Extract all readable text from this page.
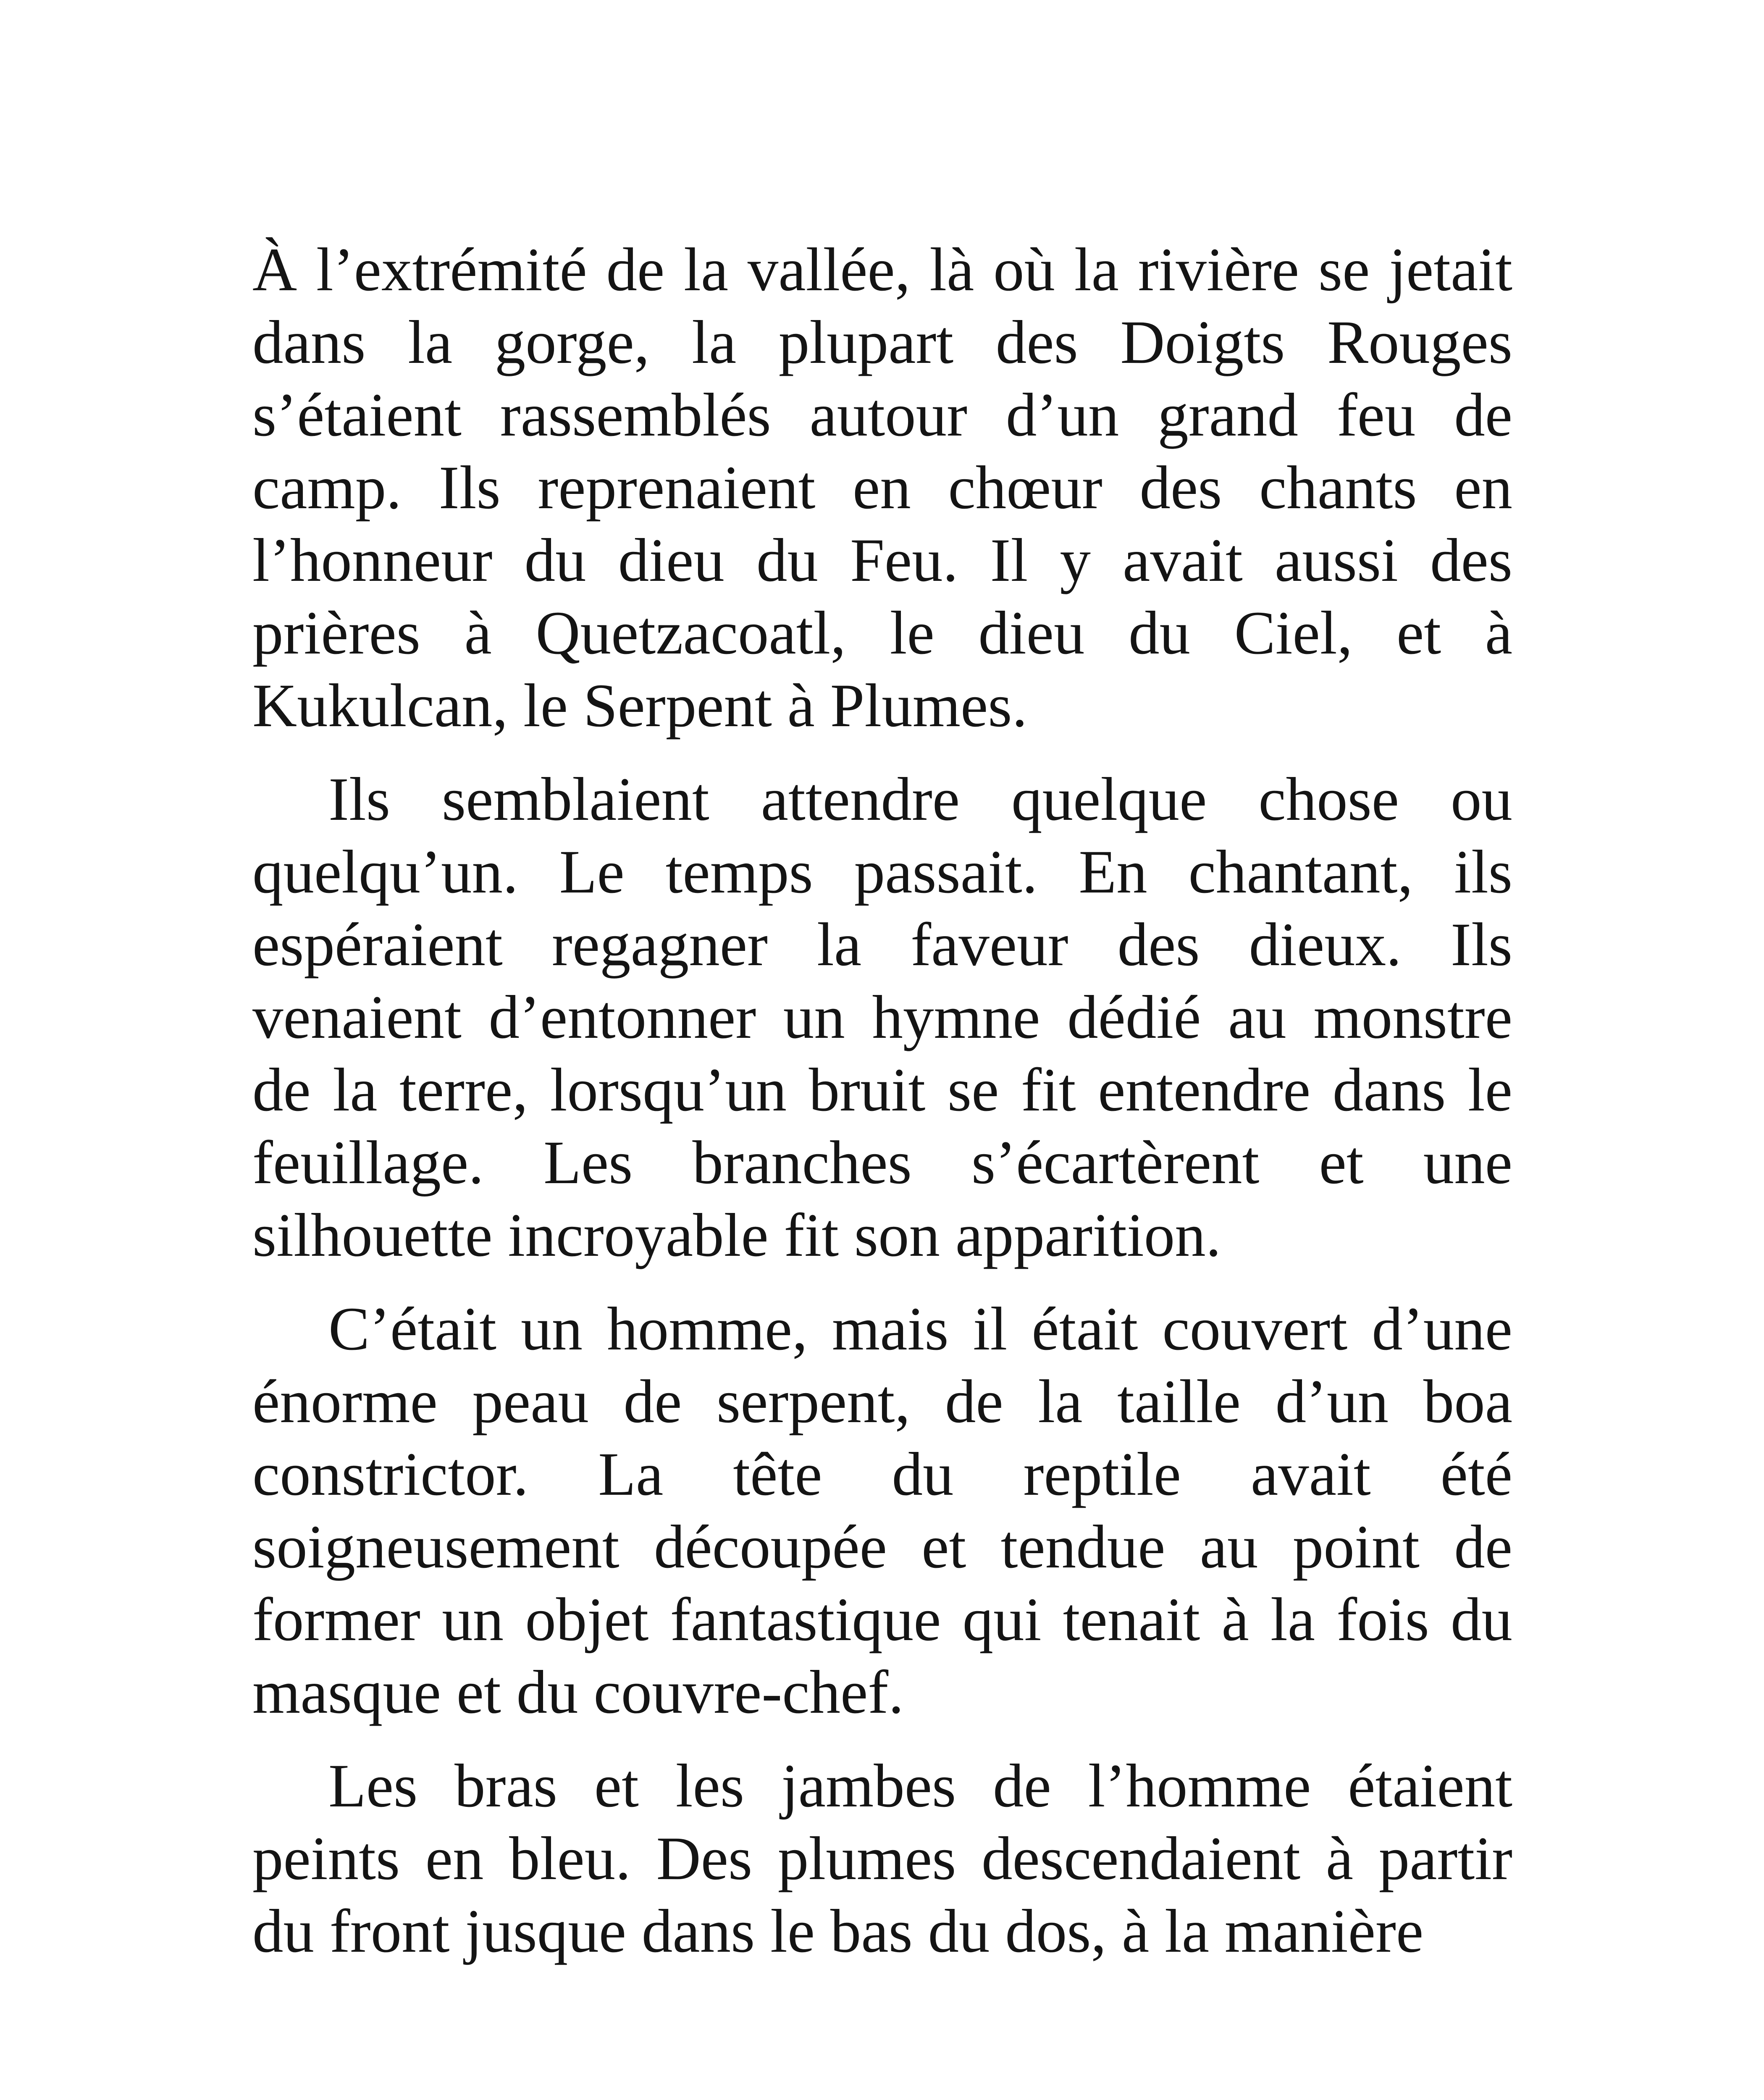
À l’extrémité de la vallée, là où la rivière se jetait dans la gorge, la plupart des Doigts Rouges s’étaient rassemblés autour d’un grand feu de camp. Ils reprenaient en chœur des chants en l’honneur du dieu du Feu. Il y avait aussi des prières à Quetzacoatl, le dieu du Ciel, et à Kukulcan, le Serpent à Plumes.

Ils semblaient attendre quelque chose ou quelqu’un. Le temps passait. En chantant, ils espéraient regagner la faveur des dieux. Ils venaient d’entonner un hymne dédié au monstre de la terre, lorsqu’un bruit se fit entendre dans le feuillage. Les branches s’écartèrent et une silhouette incroyable fit son apparition.

C’était un homme, mais il était couvert d’une énorme peau de serpent, de la taille d’un boa constrictor. La tête du reptile avait été soigneusement découpée et tendue au point de former un objet fantastique qui tenait à la fois du masque et du couvre-chef.

Les bras et les jambes de l’homme étaient peints en bleu. Des plumes descendaient à partir du front jusque dans le bas du dos, à la manière
